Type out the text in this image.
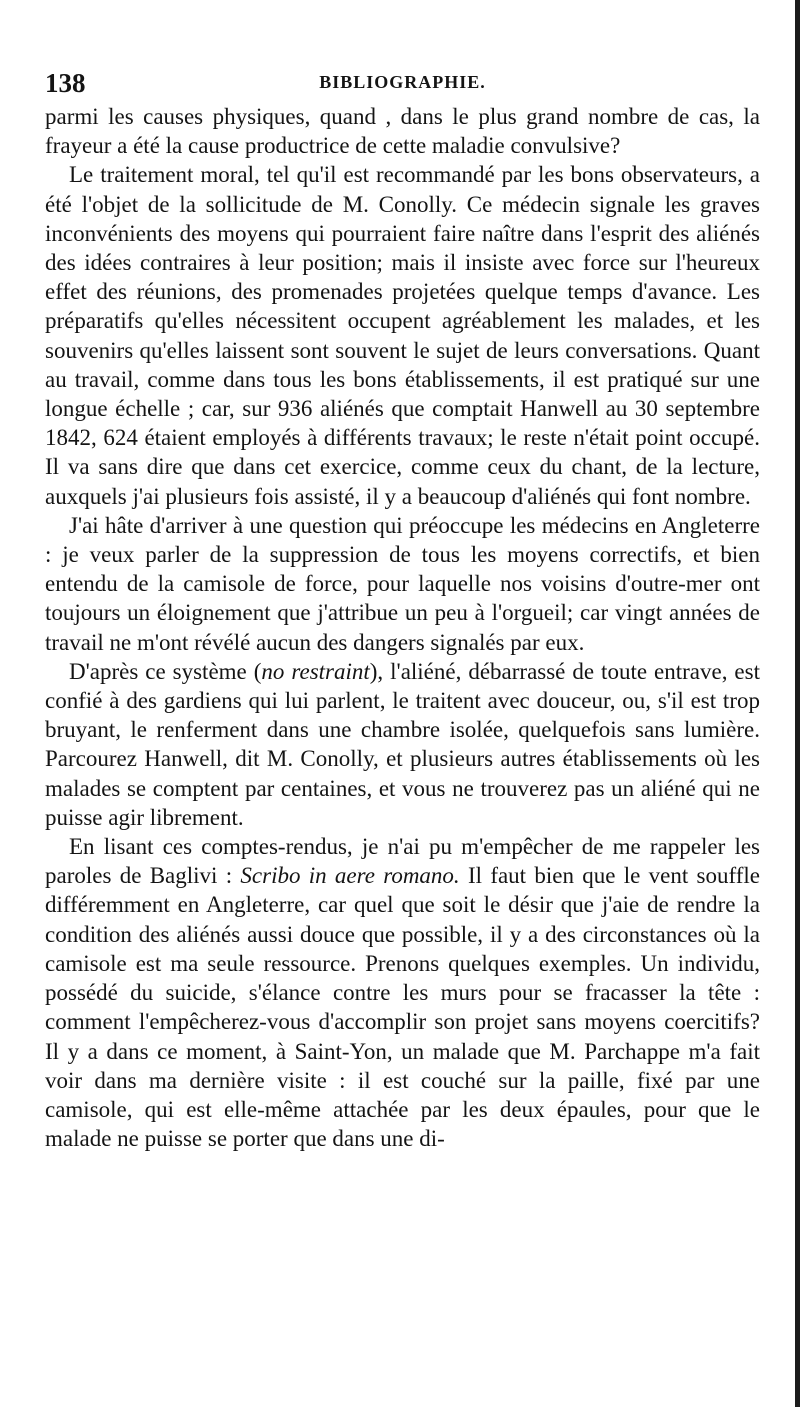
138	BIBLIOGRAPHIE.

parmi les causes physiques, quand , dans le plus grand nombre de cas, la frayeur a été la cause productrice de cette maladie convulsive?

Le traitement moral, tel qu'il est recommandé par les bons observateurs, a été l'objet de la sollicitude de M. Conolly. Ce médecin signale les graves inconvénients des moyens qui pourraient faire naître dans l'esprit des aliénés des idées contraires à leur position; mais il insiste avec force sur l'heureux effet des réunions, des promenades projetées quelque temps d'avance. Les préparatifs qu'elles nécessitent occupent agréablement les malades, et les souvenirs qu'elles laissent sont souvent le sujet de leurs conversations. Quant au travail, comme dans tous les bons établissements, il est pratiqué sur une longue échelle ; car, sur 936 aliénés que comptait Hanwell au 30 septembre 1842, 624 étaient employés à différents travaux; le reste n'était point occupé. Il va sans dire que dans cet exercice, comme ceux du chant, de la lecture, auxquels j'ai plusieurs fois assisté, il y a beaucoup d'aliénés qui font nombre.

J'ai hâte d'arriver à une question qui préoccupe les médecins en Angleterre : je veux parler de la suppression de tous les moyens correctifs, et bien entendu de la camisole de force, pour laquelle nos voisins d'outre-mer ont toujours un éloignement que j'attribue un peu à l'orgueil; car vingt années de travail ne m'ont révélé aucun des dangers signalés par eux.

D'après ce système (no restraint), l'aliéné, débarrassé de toute entrave, est confié à des gardiens qui lui parlent, le traitent avec douceur, ou, s'il est trop bruyant, le renferment dans une chambre isolée, quelquefois sans lumière. Parcourez Hanwell, dit M. Conolly, et plusieurs autres établissements où les malades se comptent par centaines, et vous ne trouverez pas un aliéné qui ne puisse agir librement.

En lisant ces comptes-rendus, je n'ai pu m'empêcher de me rappeler les paroles de Baglivi : Scribo in aere romano. Il faut bien que le vent souffle différemment en Angleterre, car quel que soit le désir que j'aie de rendre la condition des aliénés aussi douce que possible, il y a des circonstances où la camisole est ma seule ressource. Prenons quelques exemples. Un individu, possédé du suicide, s'élance contre les murs pour se fracasser la tête : comment l'empêcherez-vous d'accomplir son projet sans moyens coercitifs? Il y a dans ce moment, à Saint-Yon, un malade que M. Parchappe m'a fait voir dans ma dernière visite : il est couché sur la paille, fixé par une camisole, qui est elle-même attachée par les deux épaules, pour que le malade ne puisse se porter que dans une di-
